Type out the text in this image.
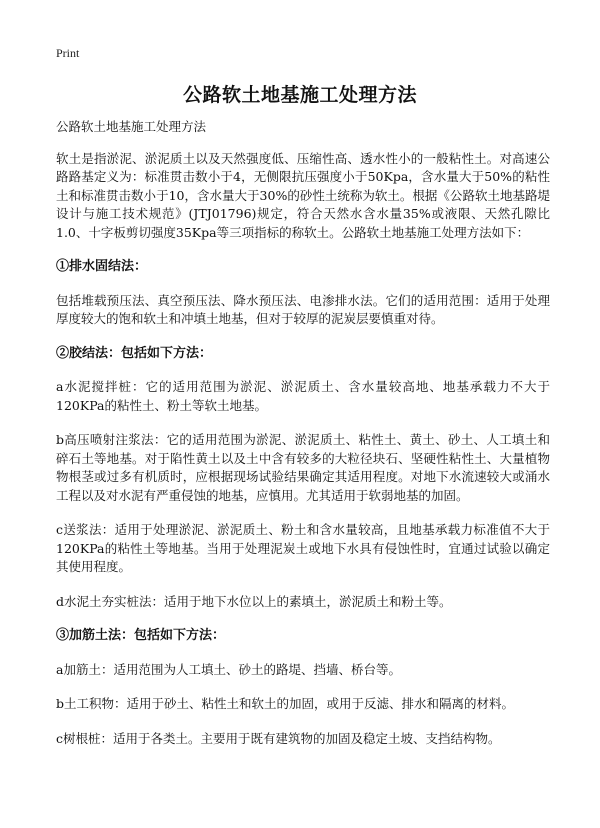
Print
公路软土地基施工处理方法

公路软土地基施工处理方法

软土是指淤泥、淤泥质土以及天然强度低、压缩性高、透水性小的一般粘性土。对高速公路路基定义为：标准贯击数小于4，无侧限抗压强度小于50Kpa，含水量大于50%的粘性土和标准贯击数小于10，含水量大于30%的砂性土统称为软土。根据《公路软土地基路堤设计与施工技术规范》(JTJ01796)规定，符合天然水含水量35%或液限、天然孔隙比1.0、十字板剪切强度35Kpa等三项指标的称软土。公路软土地基施工处理方法如下：

①排水固结法：

包括堆载预压法、真空预压法、降水预压法、电渗排水法。它们的适用范围：适用于处理厚度较大的饱和软土和冲填土地基，但对于较厚的泥炭层要慎重对待。

②胶结法：包括如下方法：

a水泥搅拌桩：它的适用范围为淤泥、淤泥质土、含水量较高地、地基承载力不大于120KPa的粘性土、粉土等软土地基。

b高压喷射注浆法：它的适用范围为淤泥、淤泥质土、粘性土、黄土、砂土、人工填土和碎石土等地基。对于陷性黄土以及土中含有较多的大粒径块石、坚硬性粘性土、大量植物物根茎或过多有机质时，应根据现场试验结果确定其适用程度。对地下水流速较大或涌水工程以及对水泥有严重侵蚀的地基，应慎用。尤其适用于软弱地基的加固。

c送浆法：适用于处理淤泥、淤泥质土、粉土和含水量较高，且地基承载力标准值不大于120KPa的粘性土等地基。当用于处理泥炭土或地下水具有侵蚀性时，宜通过试验以确定其使用程度。

d水泥土夯实桩法：适用于地下水位以上的素填土，淤泥质土和粉土等。

③加筋土法：包括如下方法：

a加筋土：适用范围为人工填土、砂土的路堤、挡墙、桥台等。

b土工积物：适用于砂土、粘性土和软土的加固，或用于反滤、排水和隔离的材料。

c树根桩：适用于各类土。主要用于既有建筑物的加固及稳定土坡、支挡结构物。
